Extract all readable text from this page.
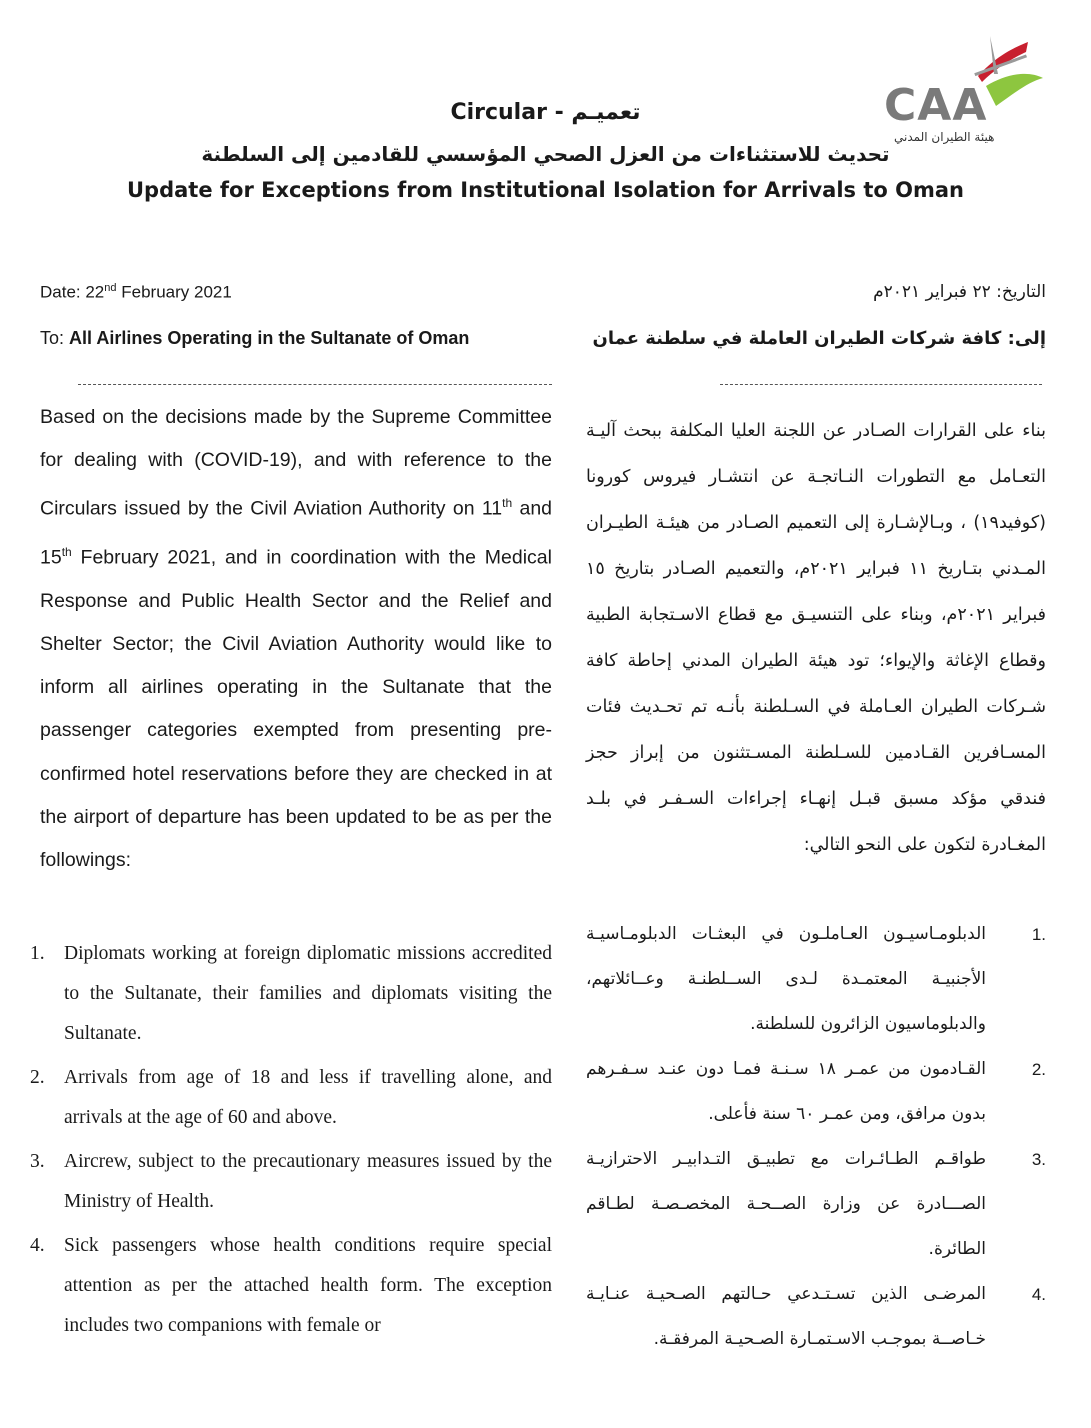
CAA
هيئة الطيران المدني
Circular - تعميـم
تحديث للاستثناءات من العزل الصحي المؤسسي للقادمين إلى السلطنة
Update for Exceptions from Institutional Isolation for Arrivals to Oman
Date: 22nd February 2021
To: All Airlines Operating in the Sultanate of Oman
التاريخ: ٢٢ فبراير ٢٠٢١م
إلى: كافة شركات الطيران العاملة في سلطنة عمان
Based on the decisions made by the Supreme Committee for dealing with (COVID-19), and with reference to the Circulars issued by the Civil Aviation Authority on 11th and 15th February 2021, and in coordination with the Medical Response and Public Health Sector and the Relief and Shelter Sector; the Civil Aviation Authority would like to inform all airlines operating in the Sultanate that the passenger categories exempted from presenting pre-confirmed hotel reservations before they are checked in at the airport of departure has been updated to be as per the followings:
بناء على القرارات الصـادر عن اللجنة العليا المكلفة ببحث آليـة التعـامل مع التطورات النـاتجـة عن انتشـار فيروس كورونا (كوفيد١٩) ، وبـالإشـارة إلى التعميم الصـادر من هيئـة الطيـران المـدني بتـاريخ ١١ فبراير ٢٠٢١م، والتعميم الصـادر بتاريخ ١٥ فبراير ٢٠٢١م، وبناء على التنسيـق مع قطاع الاسـتجابة الطبية وقطاع الإغاثة والإيواء؛ تود هيئة الطيران المدني إحاطة كافة شـركات الطيران العـاملة في السـلطنة بأنـه تم تحـديث فئات المسـافرين القـادمين للسـلطنة المسـتثنون من إبراز حجز فندقي مؤكد مسبق قبـل إنهـاء إجراءات السـفـر في بلـد المغـادرة لتكون على النحو التالي:
1. Diplomats working at foreign diplomatic missions accredited to the Sultanate, their families and diplomats visiting the Sultanate.
2. Arrivals from age of 18 and less if travelling alone, and arrivals at the age of 60 and above.
3. Aircrew, subject to the precautionary measures issued by the Ministry of Health.
4. Sick passengers whose health conditions require special attention as per the attached health form. The exception includes two companions with female or
1.
الدبلومـاسيـون العـاملـون في البعثـات الدبلومـاسيـة الأجنبيـة المعتمـدة لـدى الســلطنـة وعــائلاتهم، والدبلوماسيون الزائرون للسلطنة.
2.
القـادمون من عمـر ١٨ سـنـة فمـا دون عنـد سـفـرهم بدون مرافق، ومن عمـر ٦٠ سنة فأعلى.
3.
طواقـم الطـائـرات مع تطبيـق التـدابيـر الاحترازيـة الصـــادرة عن وزارة الصــحـة المخصـصـة لطـاقم الطائرة.
4.
المرضـى الذين تسـتـدعي حـالتهم الصـحيـة عنـايـة خـاصــة بموجـب الاسـتمـارة الصـحيـة المرفقـة.
